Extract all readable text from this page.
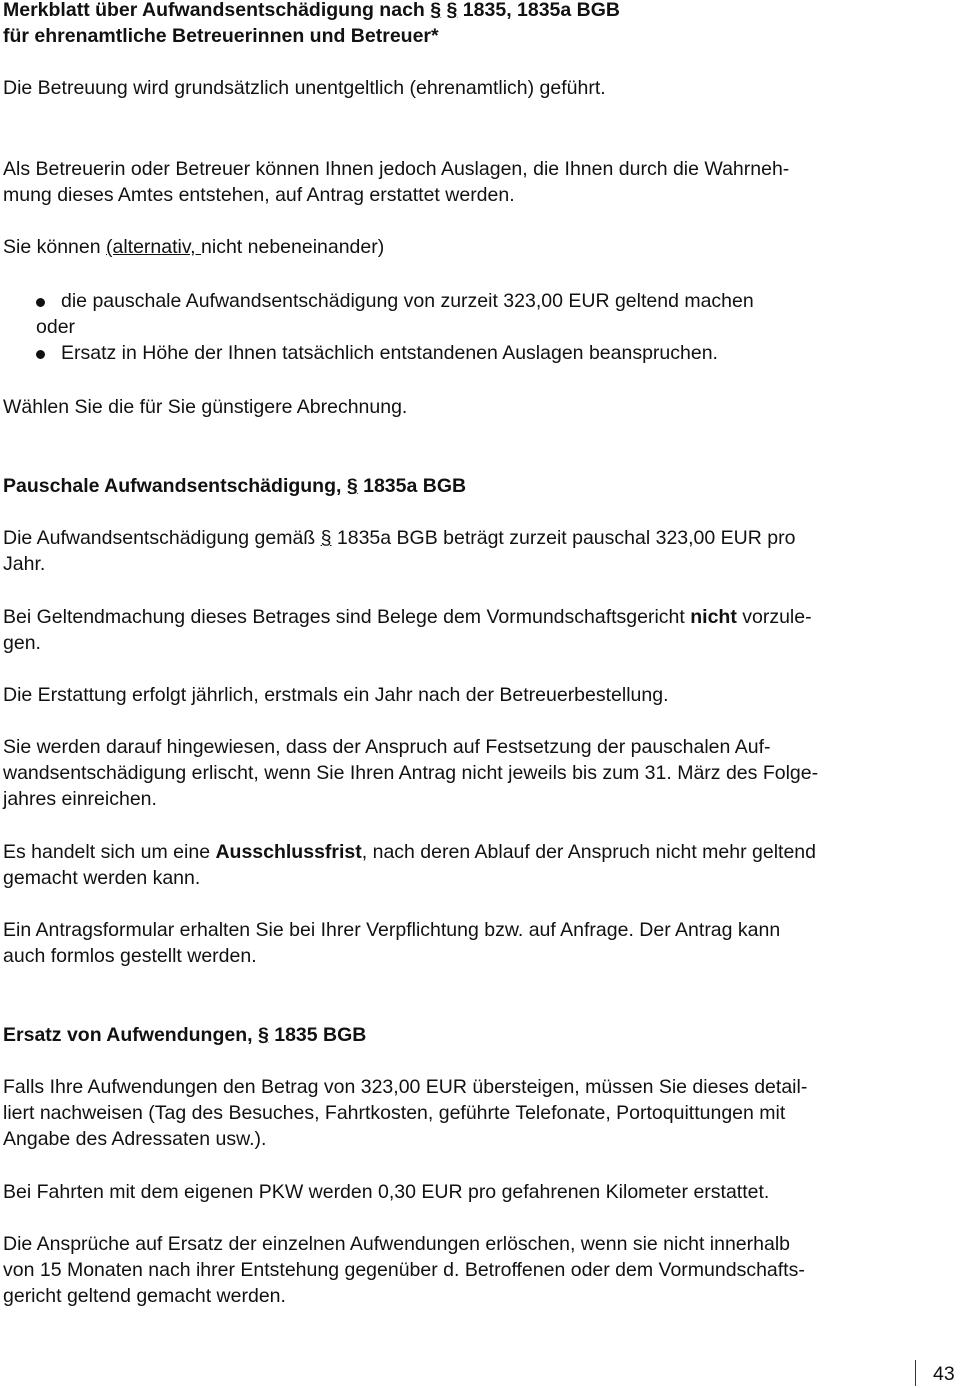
Merkblatt über Aufwandsentschädigung nach § § 1835, 1835a BGB
für ehrenamtliche Betreuerinnen und Betreuer*

Die Betreuung wird grundsätzlich unentgeltlich (ehrenamtlich) geführt.

Als Betreuerin oder Betreuer können Ihnen jedoch Auslagen, die Ihnen durch die Wahrneh-
mung dieses Amtes entstehen, auf Antrag erstattet werden.

Sie können (alternativ, nicht nebeneinander)

die pauschale Aufwandsentschädigung von zurzeit 323,00 EUR geltend machen
oder
Ersatz in Höhe der Ihnen tatsächlich entstandenen Auslagen beanspruchen.

Wählen Sie die für Sie günstigere Abrechnung.

Pauschale Aufwandsentschädigung, § 1835a BGB

Die Aufwandsentschädigung gemäß § 1835a BGB beträgt zurzeit pauschal 323,00 EUR pro
Jahr.

Bei Geltendmachung dieses Betrages sind Belege dem Vormundschaftsgericht nicht vorzule-
gen.

Die Erstattung erfolgt jährlich, erstmals ein Jahr nach der Betreuerbestellung.

Sie werden darauf hingewiesen, dass der Anspruch auf Festsetzung der pauschalen Auf-
wandsentschädigung erlischt, wenn Sie Ihren Antrag nicht jeweils bis zum 31. März des Folge-
jahres einreichen.

Es handelt sich um eine Ausschlussfrist, nach deren Ablauf der Anspruch nicht mehr geltend
gemacht werden kann.

Ein Antragsformular erhalten Sie bei Ihrer Verpflichtung bzw. auf Anfrage. Der Antrag kann
auch formlos gestellt werden.

Ersatz von Aufwendungen, § 1835 BGB

Falls Ihre Aufwendungen den Betrag von 323,00 EUR übersteigen, müssen Sie dieses detail-
liert nachweisen (Tag des Besuches, Fahrtkosten, geführte Telefonate, Portoquittungen mit
Angabe des Adressaten usw.).

Bei Fahrten mit dem eigenen PKW werden 0,30 EUR pro gefahrenen Kilometer erstattet.

Die Ansprüche auf Ersatz der einzelnen Aufwendungen erlöschen, wenn sie nicht innerhalb
von 15 Monaten nach ihrer Entstehung gegenüber d. Betroffenen oder dem Vormundschafts-
gericht geltend gemacht werden.

43
